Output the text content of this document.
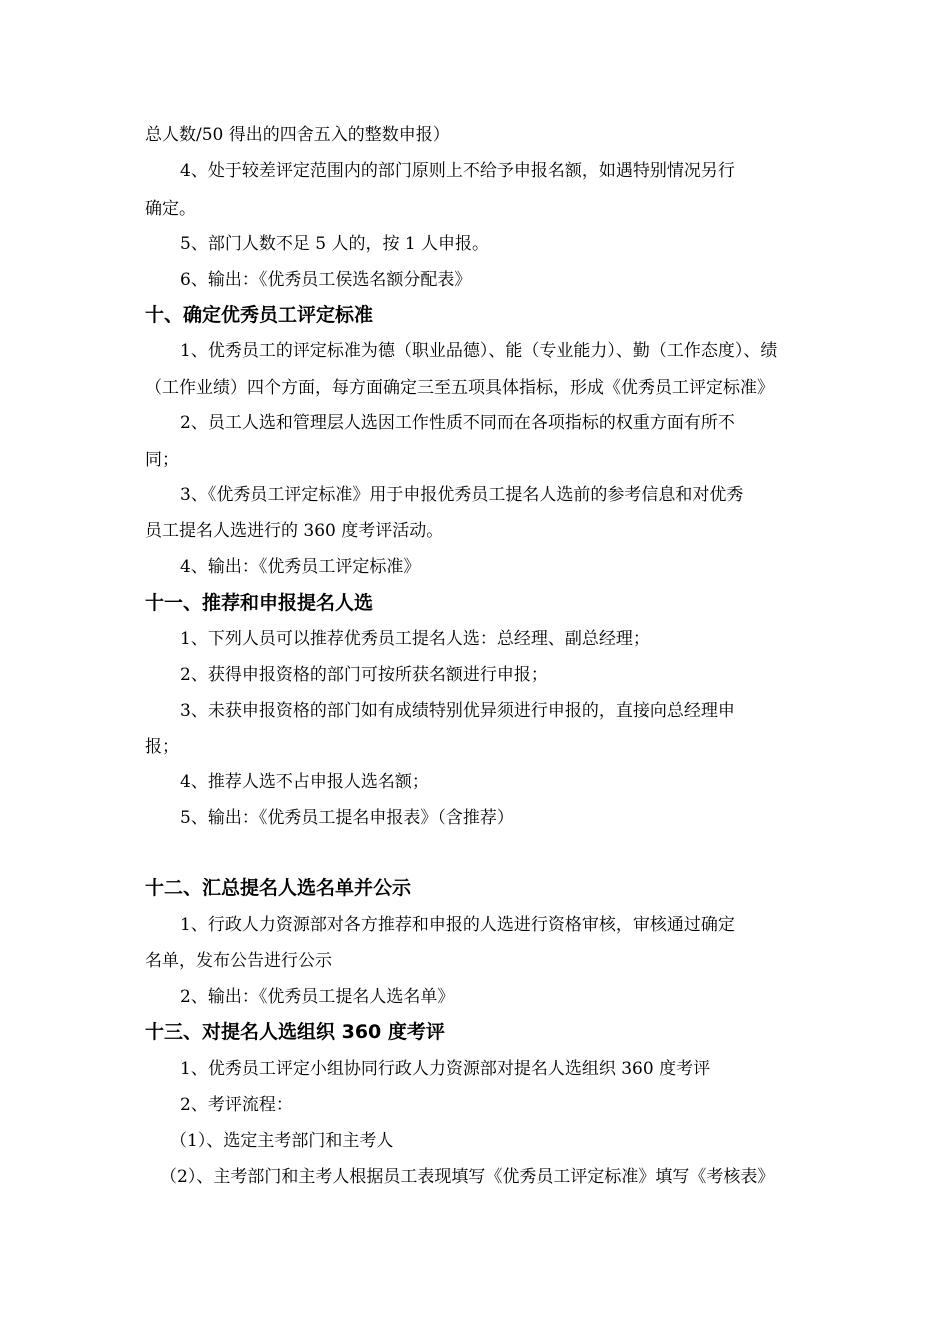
总人数/50 得出的四舍五入的整数申报）
4、处于较差评定范围内的部门原则上不给予申报名额，如遇特别情况另行
确定。
5、部门人数不足 5 人的，按 1 人申报。
6、输出：《优秀员工侯选名额分配表》
十、确定优秀员工评定标准
1、优秀员工的评定标准为德（职业品德）、能（专业能力）、勤（工作态度）、绩
（工作业绩）四个方面，每方面确定三至五项具体指标，形成《优秀员工评定标准》
2、员工人选和管理层人选因工作性质不同而在各项指标的权重方面有所不
同；
3、《优秀员工评定标准》用于申报优秀员工提名人选前的参考信息和对优秀
员工提名人选进行的 360 度考评活动。
4、输出：《优秀员工评定标准》
十一、推荐和申报提名人选
1、下列人员可以推荐优秀员工提名人选：总经理、副总经理；
2、获得申报资格的部门可按所获名额进行申报；
3、未获申报资格的部门如有成绩特别优异须进行申报的，直接向总经理申
报；
4、推荐人选不占申报人选名额；
5、输出：《优秀员工提名申报表》（含推荐）
十二、汇总提名人选名单并公示
1、行政人力资源部对各方推荐和申报的人选进行资格审核，审核通过确定
名单，发布公告进行公示
2、输出：《优秀员工提名人选名单》
十三、对提名人选组织 360 度考评
1、优秀员工评定小组协同行政人力资源部对提名人选组织 360 度考评
2、考评流程：
（1）、选定主考部门和主考人
（2）、主考部门和主考人根据员工表现填写《优秀员工评定标准》填写《考核表》
